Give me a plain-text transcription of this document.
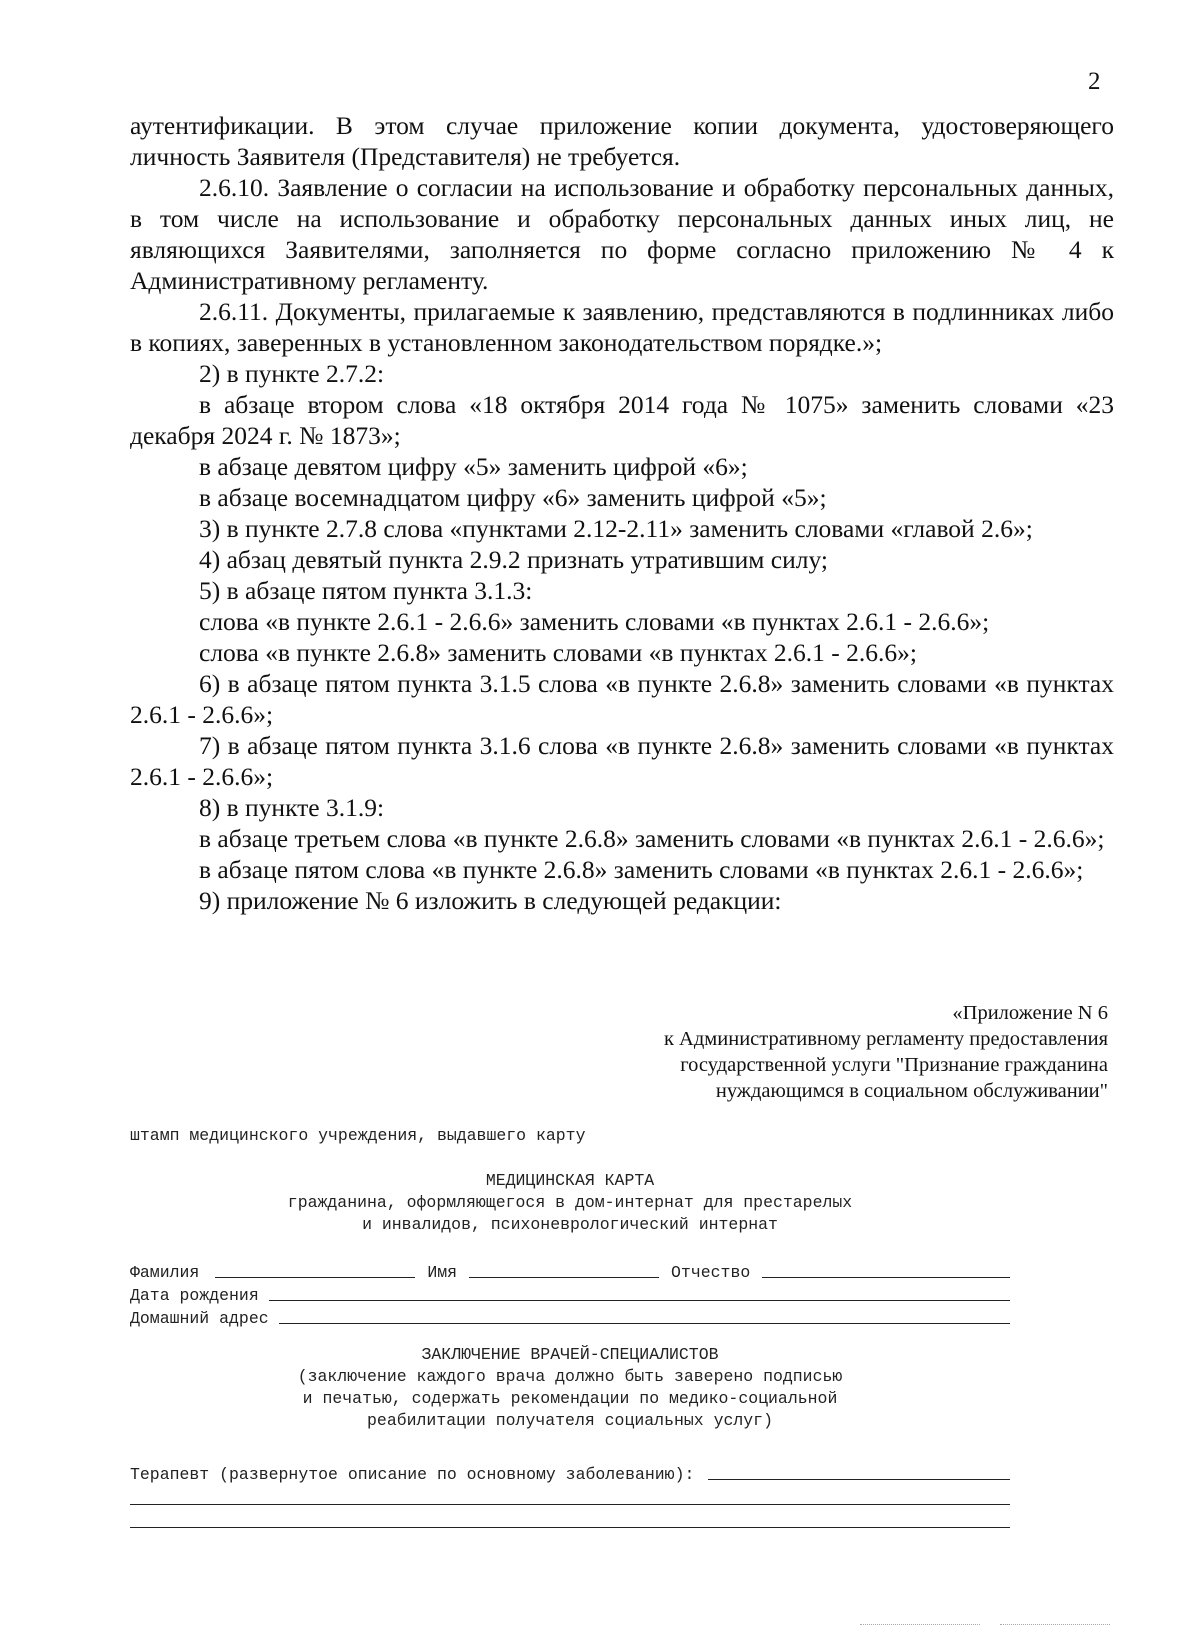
2

аутентификации. В этом случае приложение копии документа, удостоверяющего личность Заявителя (Представителя) не требуется.

2.6.10. Заявление о согласии на использование и обработку персональных данных, в том числе на использование и обработку персональных данных иных лиц, не являющихся Заявителями, заполняется по форме согласно приложению № 4 к Административному регламенту.

2.6.11. Документы, прилагаемые к заявлению, представляются в подлинниках либо в копиях, заверенных в установленном законодательством порядке.»;

2) в пункте 2.7.2:

в абзаце втором слова «18 октября 2014 года № 1075» заменить словами «23 декабря 2024 г. № 1873»;

в абзаце девятом цифру «5» заменить цифрой «6»;

в абзаце восемнадцатом цифру «6» заменить цифрой «5»;

3) в пункте 2.7.8 слова «пунктами 2.12-2.11» заменить словами «главой 2.6»;

4) абзац девятый пункта 2.9.2 признать утратившим силу;

5) в абзаце пятом пункта 3.1.3:

слова «в пункте 2.6.1 - 2.6.6» заменить словами «в пунктах 2.6.1 - 2.6.6»;

слова «в пункте 2.6.8» заменить словами «в пунктах 2.6.1 - 2.6.6»;

6) в абзаце пятом пункта 3.1.5 слова «в пункте 2.6.8» заменить словами «в пунктах 2.6.1 - 2.6.6»;

7) в абзаце пятом пункта 3.1.6 слова «в пункте 2.6.8» заменить словами «в пунктах 2.6.1 - 2.6.6»;

8) в пункте 3.1.9:

в абзаце третьем слова «в пункте 2.6.8» заменить словами «в пунктах 2.6.1 - 2.6.6»;

в абзаце пятом слова «в пункте 2.6.8» заменить словами «в пунктах 2.6.1 - 2.6.6»;

9) приложение № 6 изложить в следующей редакции:

«Приложение N 6
к Административному регламенту предоставления
государственной услуги "Признание гражданина
нуждающимся в социальном обслуживании"
штамп медицинского учреждения, выдавшего карту
МЕДИЦИНСКАЯ КАРТА
гражданина, оформляющегося в дом-интернат для престарелых
и инвалидов, психоневрологический интернат
Фамилия	Имя	Отчество
Дата рождения
Домашний адрес
ЗАКЛЮЧЕНИЕ ВРАЧЕЙ-СПЕЦИАЛИСТОВ
(заключение каждого врача должно быть заверено подписью
и печатью, содержать рекомендации по медико-социальной
реабилитации получателя социальных услуг)
Терапевт (развернутое описание по основному заболеванию):
